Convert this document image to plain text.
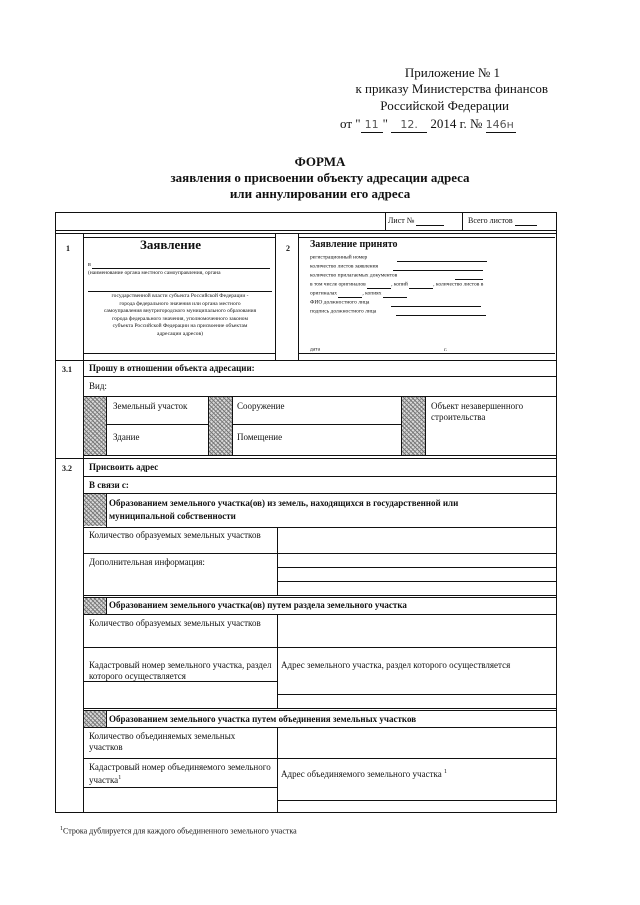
Приложение № 1
к приказу Министерства финансов
Российской Федерации
от " 11 " 12. 2014 г. № 146н
ФОРМА
заявления о присвоении объекту адресации адреса
или аннулировании его адреса
Лист №	Всего листов
1	Заявление
в
(наименование органа местного самоуправления, органа
государственной власти субъекта Российской Федерации -
города федерального значения или органа местного
самоуправления внутригородского муниципального образования
города федерального значения, уполномоченного законом
субъекта Российской Федерации на присвоение объектам
адресации адресов)
2 Заявление принято
регистрационный номер
количество листов заявления
количество прилагаемых документов
в том числе оригиналов	, копий	, количество листов в
оригиналах	, копиях
ФИО должностного лица
подпись должностного лица
дата	г.
3.1 Прошу в отношении объекта адресации:
Вид:
Земельный участок
Здание
Сооружение
Помещение
Объект незавершенного строительства
3.2 Присвоить адрес
В связи с:
Образованием земельного участка(ов) из земель, находящихся в государственной или муниципальной собственности
Количество образуемых земельных участков
Дополнительная информация:
Образованием земельного участка(ов) путем раздела земельного участка
Количество образуемых земельных участков
Кадастровый номер земельного участка, раздел которого осуществляется
Адрес земельного участка, раздел которого осуществляется
Образованием земельного участка путем объединения земельных участков
Количество объединяемых земельных участков
Кадастровый номер объединяемого земельного участка$^1$	Адрес объединяемого земельного участка $^1$
$^1$Строка дублируется для каждого объединенного земельного участка
